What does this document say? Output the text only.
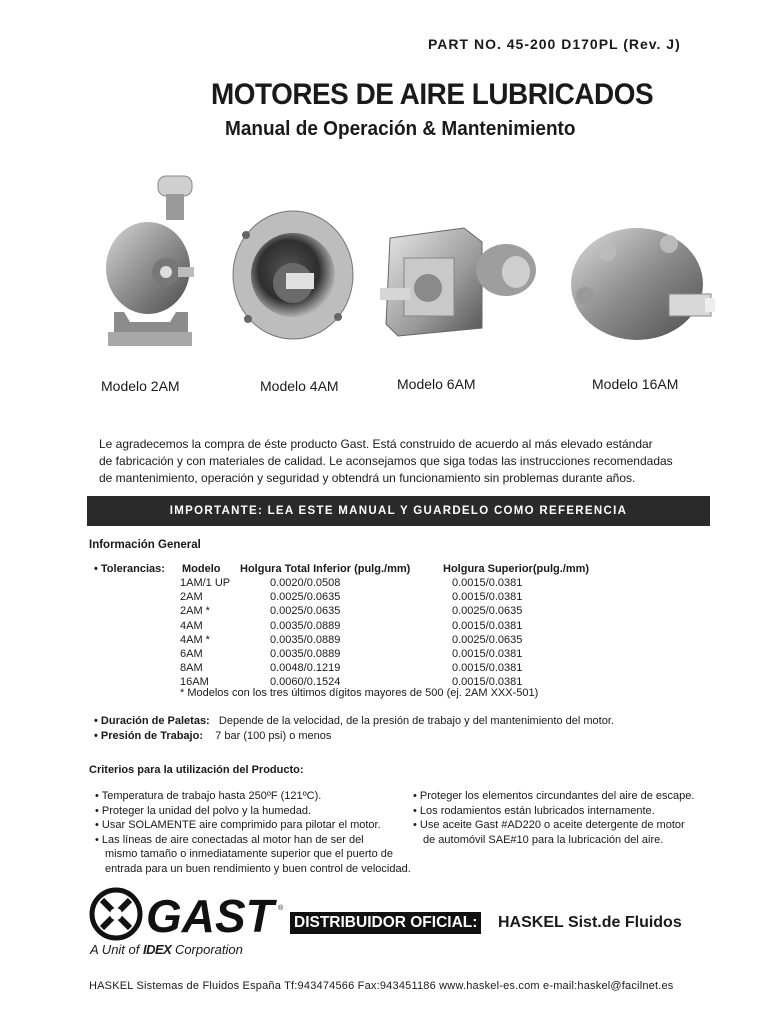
PART NO. 45-200 D170PL (Rev. J)
MOTORES DE AIRE LUBRICADOS
Manual de Operación & Mantenimiento
Modelo 2AM	Modelo 4AM	Modelo 6AM	Modelo 16AM
Le agradecemos la compra de éste producto Gast. Está construido de acuerdo al más elevado estándar
de fabricación y con materiales de calidad. Le aconsejamos que siga todas las instrucciones recomendadas
de mantenimiento, operación y seguridad y obtendrá un funcionamiento sin problemas durante años.
IMPORTANTE: LEA ESTE MANUAL Y GUARDELO COMO REFERENCIA
Información General
• Tolerancias: Modelo Holgura Total Inferior (pulg./mm)	Holgura Superior(pulg./mm)
1AM/1 UP	0.0020/0.0508	0.0015/0.0381
2AM	0.0025/0.0635	0.0015/0.0381
2AM *	0.0025/0.0635	0.0025/0.0635
4AM	0.0035/0.0889	0.0015/0.0381
4AM *	0.0035/0.0889	0.0025/0.0635
6AM	0.0035/0.0889	0.0015/0.0381
8AM	0.0048/0.1219	0.0015/0.0381
16AM	0.0060/0.1524	0.0015/0.0381
* Modelos con los tres últimos dígitos mayores de 500 (ej. 2AM XXX-501)
• Duración de Paletas: Depende de la velocidad, de la presión de trabajo y del mantenimiento del motor.
• Presión de Trabajo: 7 bar (100 psi) o menos
Criterios para la utilización del Producto:
• Temperatura de trabajo hasta 250ºF (121ºC).
• Proteger la unidad del polvo y la humedad.
• Usar SOLAMENTE aire comprimido para pilotar el motor.
• Las líneas de aire conectadas al motor han de ser del
mismo tamaño o inmediatamente superior que el puerto de
entrada para un buen rendimiento y buen control de velocidad.
• Proteger los elementos circundantes del aire de escape.
• Los rodamientos están lubricados internamente.
• Use aceite Gast #AD220 o aceite detergente de motor
de automóvil SAE#10 para la lubricación del aire.
GAST ®
A Unit of IDEX Corporation
DISTRIBUIDOR OFICIAL: HASKEL Sist.de Fluidos
HASKEL Sistemas de Fluidos España Tf:943474566 Fax:943451186 www.haskel-es.com e-mail:haskel@facilnet.es
